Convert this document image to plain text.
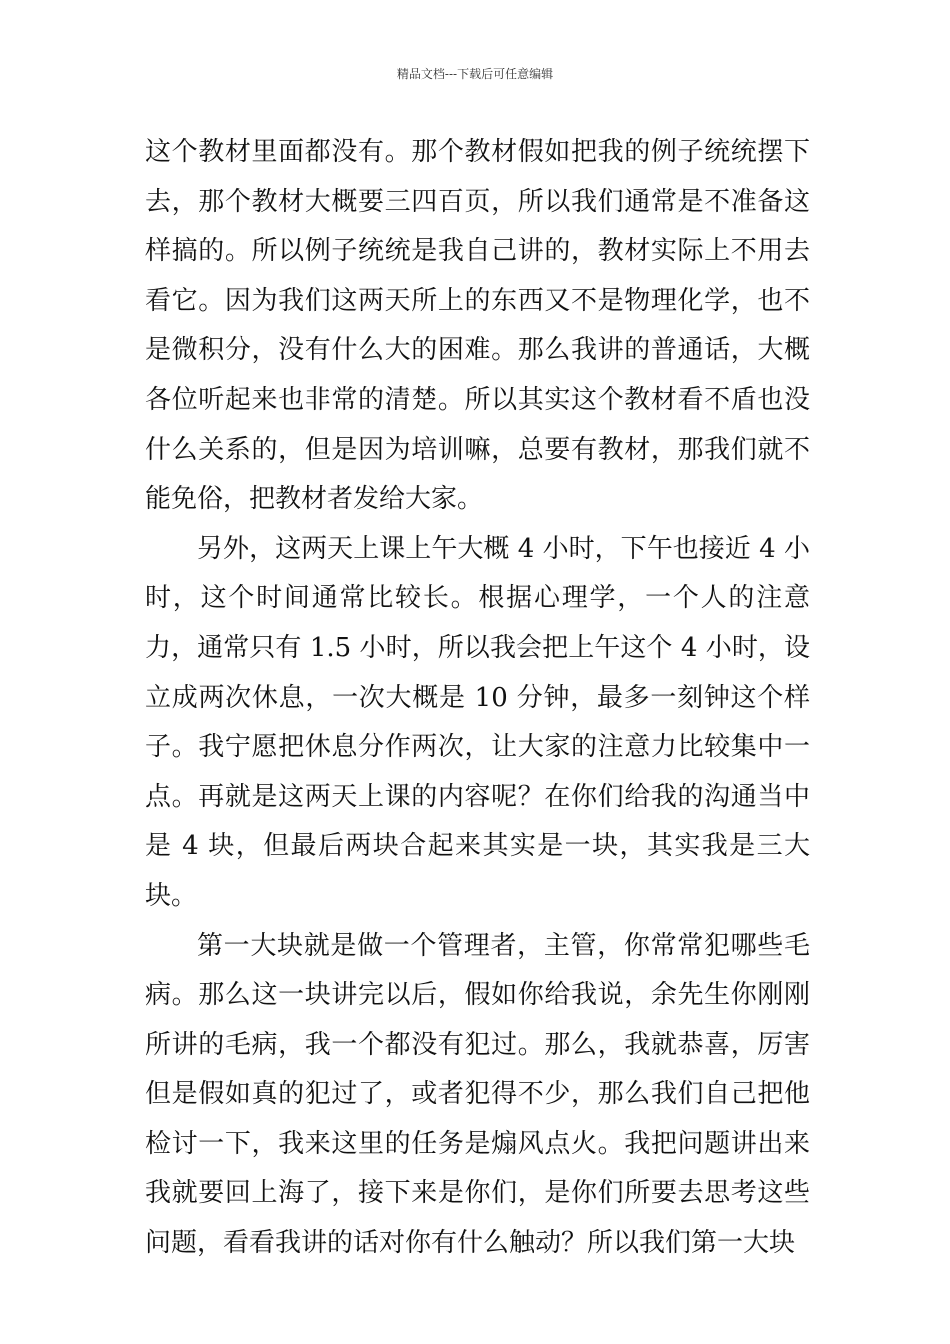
精品文档---下载后可任意编辑

这个教材里面都没有。那个教材假如把我的例子统统摆下去，那个教材大概要三四百页，所以我们通常是不准备这样搞的。所以例子统统是我自己讲的，教材实际上不用去看它。因为我们这两天所上的东西又不是物理化学，也不是微积分，没有什么大的困难。那么我讲的普通话，大概各位听起来也非常的清楚。所以其实这个教材看不盾也没什么关系的，但是因为培训嘛，总要有教材，那我们就不能免俗，把教材者发给大家。

另外，这两天上课上午大概 4 小时，下午也接近 4 小时，这个时间通常比较长。根据心理学，一个人的注意力，通常只有 1.5 小时，所以我会把上午这个 4 小时，设立成两次休息，一次大概是 10 分钟，最多一刻钟这个样子。我宁愿把休息分作两次，让大家的注意力比较集中一点。再就是这两天上课的内容呢？在你们给我的沟通当中是 4 块，但最后两块合起来其实是一块，其实我是三大块。

第一大块就是做一个管理者，主管，你常常犯哪些毛病。那么这一块讲完以后，假如你给我说，余先生你刚刚所讲的毛病，我一个都没有犯过。那么，我就恭喜，厉害但是假如真的犯过了，或者犯得不少，那么我们自己把他检讨一下，我来这里的任务是煽风点火。我把问题讲出来我就要回上海了，接下来是你们，是你们所要去思考这些问题，看看我讲的话对你有什么触动？所以我们第一大块
